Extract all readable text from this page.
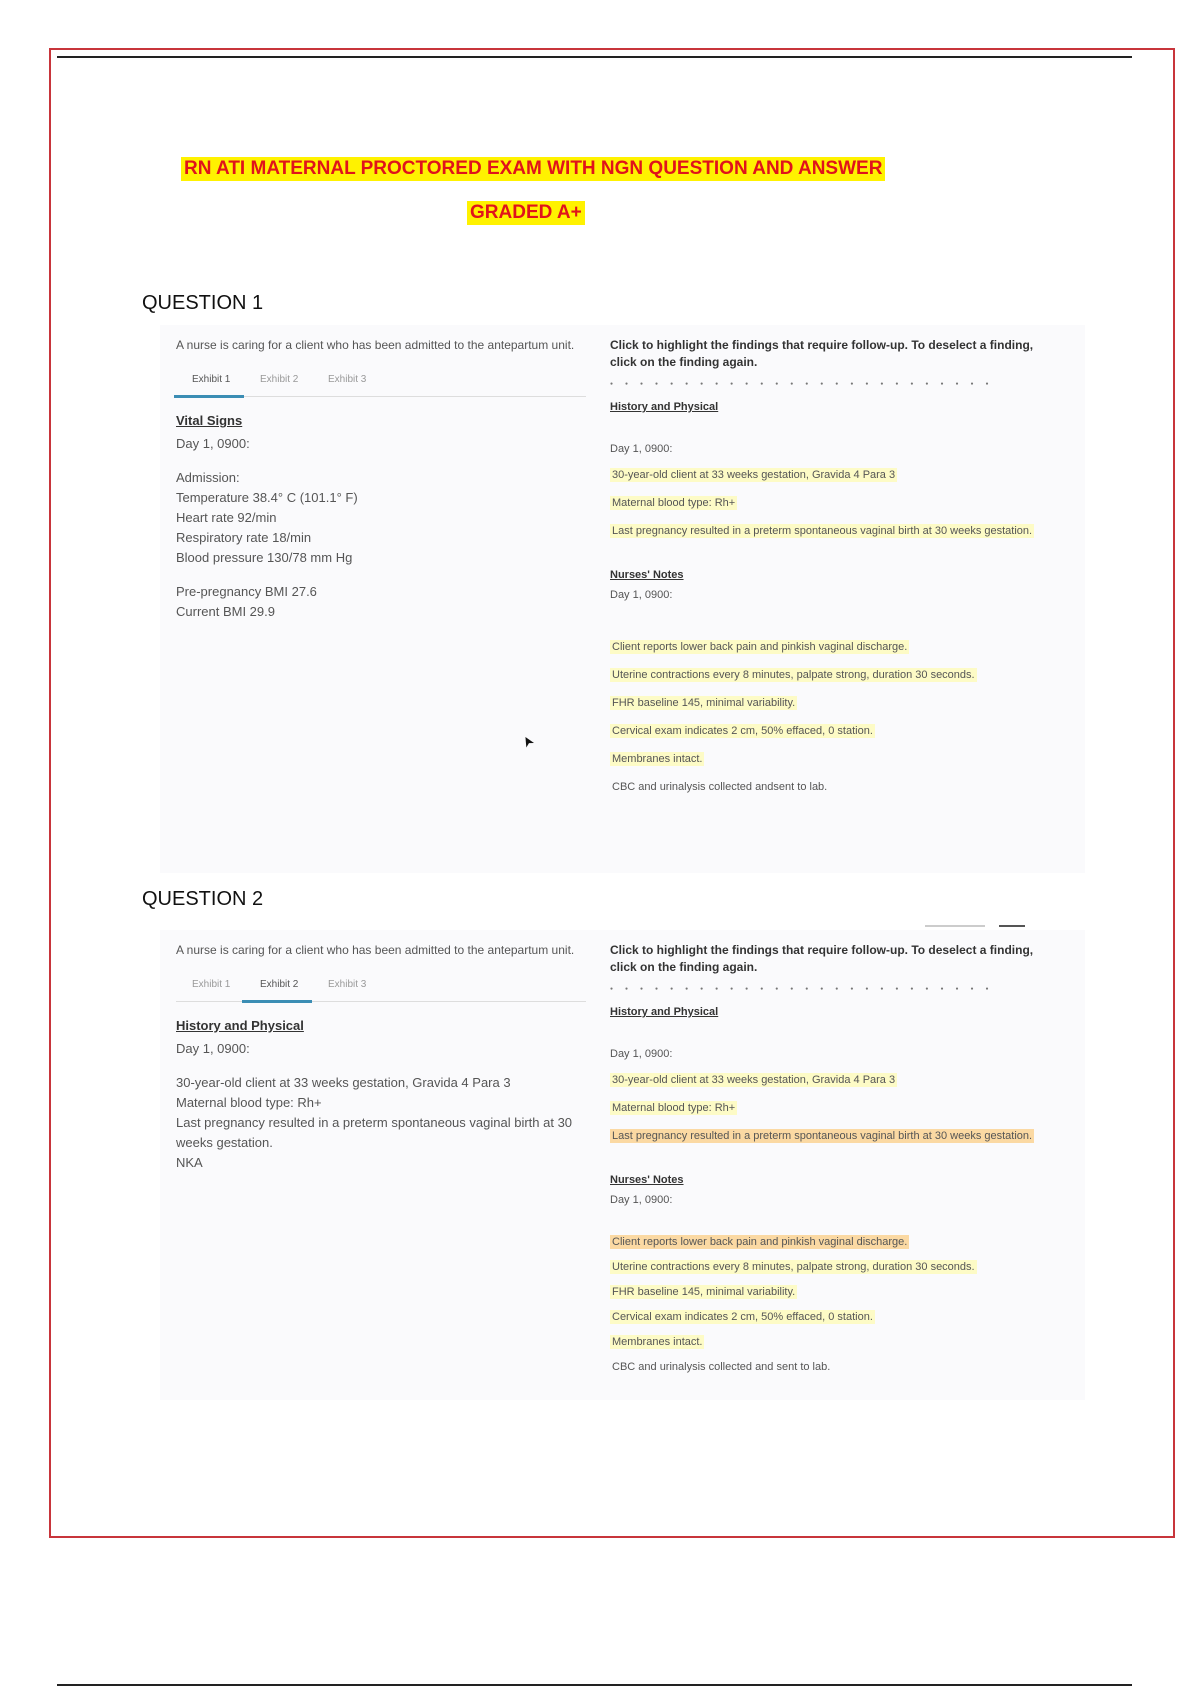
RN ATI MATERNAL PROCTORED EXAM WITH NGN QUESTION AND ANSWER
GRADED A+
QUESTION 1
QUESTION 2
A nurse is caring for a client who has been admitted to the antepartum unit.
Exhibit 1	Exhibit 2	Exhibit 3
Vital Signs
Day 1, 0900:
Admission:
Temperature 38.4° C (101.1° F)
Heart rate 92/min
Respiratory rate 18/min
Blood pressure 130/78 mm Hg
Pre-pregnancy BMI 27.6
Current BMI 29.9
Click to highlight the findings that require follow-up. To deselect a finding, click on the finding again.
●●●●●●●●●●●●●●●●●●●●●●●●●●
History and Physical
Day 1, 0900:
30-year-old client at 33 weeks gestation, Gravida 4 Para 3
Maternal blood type: Rh+
Last pregnancy resulted in a preterm spontaneous vaginal birth at 30 weeks gestation.
Nurses' Notes
Day 1, 0900:
Client reports lower back pain and pinkish vaginal discharge.
Uterine contractions every 8 minutes, palpate strong, duration 30 seconds.
FHR baseline 145, minimal variability.
Cervical exam indicates 2 cm, 50% effaced, 0 station.
Membranes intact.
CBC and urinalysis collected andsent to lab.
A nurse is caring for a client who has been admitted to the antepartum unit.
Exhibit 1	Exhibit 2	Exhibit 3
History and Physical
Day 1, 0900:
30-year-old client at 33 weeks gestation, Gravida 4 Para 3
Maternal blood type: Rh+
Last pregnancy resulted in a preterm spontaneous vaginal birth at 30 weeks gestation.
NKA
Click to highlight the findings that require follow-up. To deselect a finding, click on the finding again.
●●●●●●●●●●●●●●●●●●●●●●●●●●
History and Physical
Day 1, 0900:
30-year-old client at 33 weeks gestation, Gravida 4 Para 3
Maternal blood type: Rh+
Last pregnancy resulted in a preterm spontaneous vaginal birth at 30 weeks gestation.
Nurses' Notes
Day 1, 0900:
Client reports lower back pain and pinkish vaginal discharge.
Uterine contractions every 8 minutes, palpate strong, duration 30 seconds.
FHR baseline 145, minimal variability.
Cervical exam indicates 2 cm, 50% effaced, 0 station.
Membranes intact.
CBC and urinalysis collected and sent to lab.
➤
